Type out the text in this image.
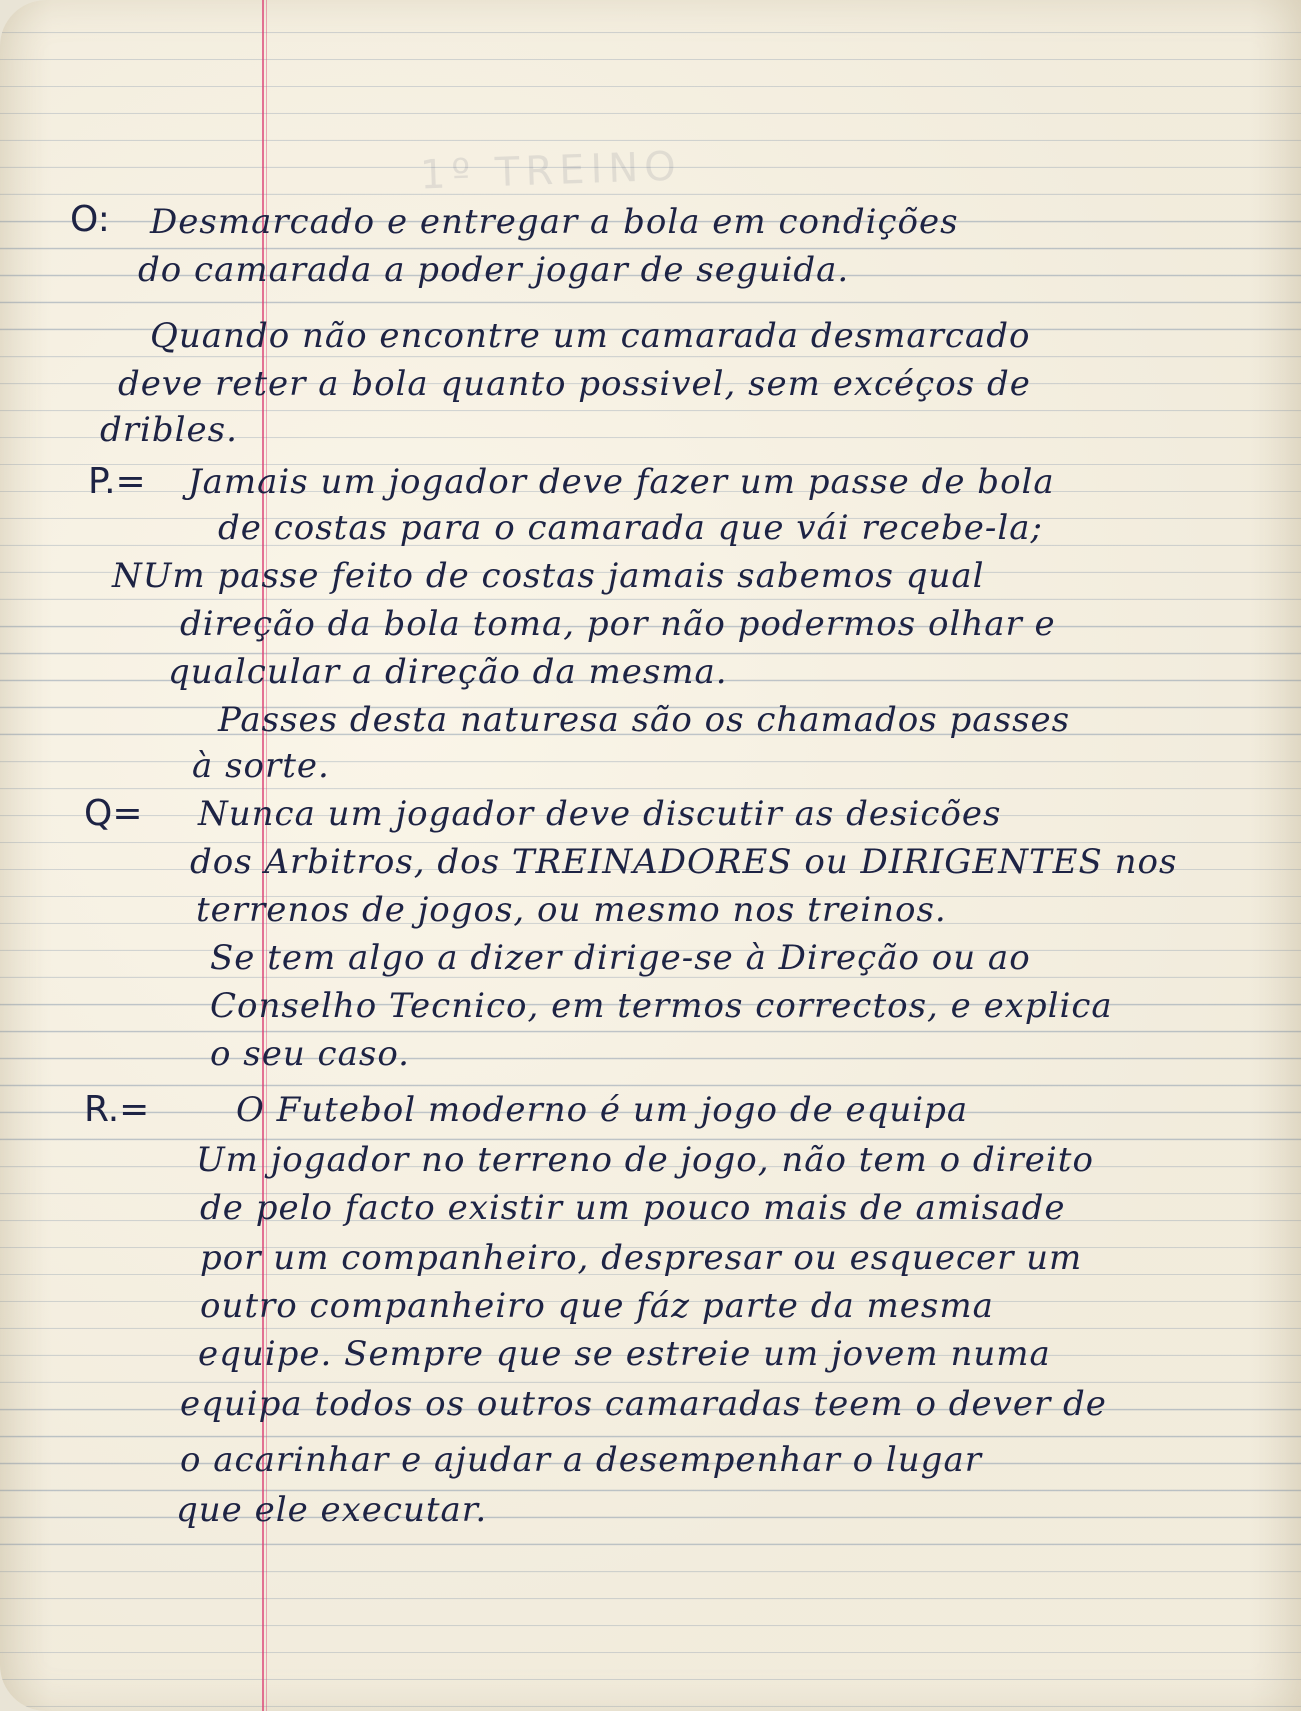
1º TREINO
O: Desmarcado e entregar a bola em condições
do camarada a poder jogar de seguida.
Quando não encontre um camarada desmarcado
deve reter a bola quanto possivel, sem excéços de
dribles.
P.= Jamais um jogador deve fazer um passe de bola
de costas para o camarada que vái recebe-la;
NUm passe feito de costas jamais sabemos qual
direção da bola toma, por não podermos olhar e
qualcular a direção da mesma.
Passes desta naturesa são os chamados passes
à sorte.
Q= Nunca um jogador deve discutir as desicões
dos Arbitros, dos TREINADORES ou DIRIGENTES nos
terrenos de jogos, ou mesmo nos treinos.
Se tem algo a dizer dirige-se à Direção ou ao
Conselho Tecnico, em termos correctos, e explica
o seu caso.
R.=	O Futebol moderno é um jogo de equipa
Um jogador no terreno de jogo, não tem o direito
de pelo facto existir um pouco mais de amisade
por um companheiro, despresar ou esquecer um
outro companheiro que fáz parte da mesma
equipe. Sempre que se estreie um jovem numa
equipa todos os outros camaradas teem o dever de
o acarinhar e ajudar a desempenhar o lugar
que ele executar.
